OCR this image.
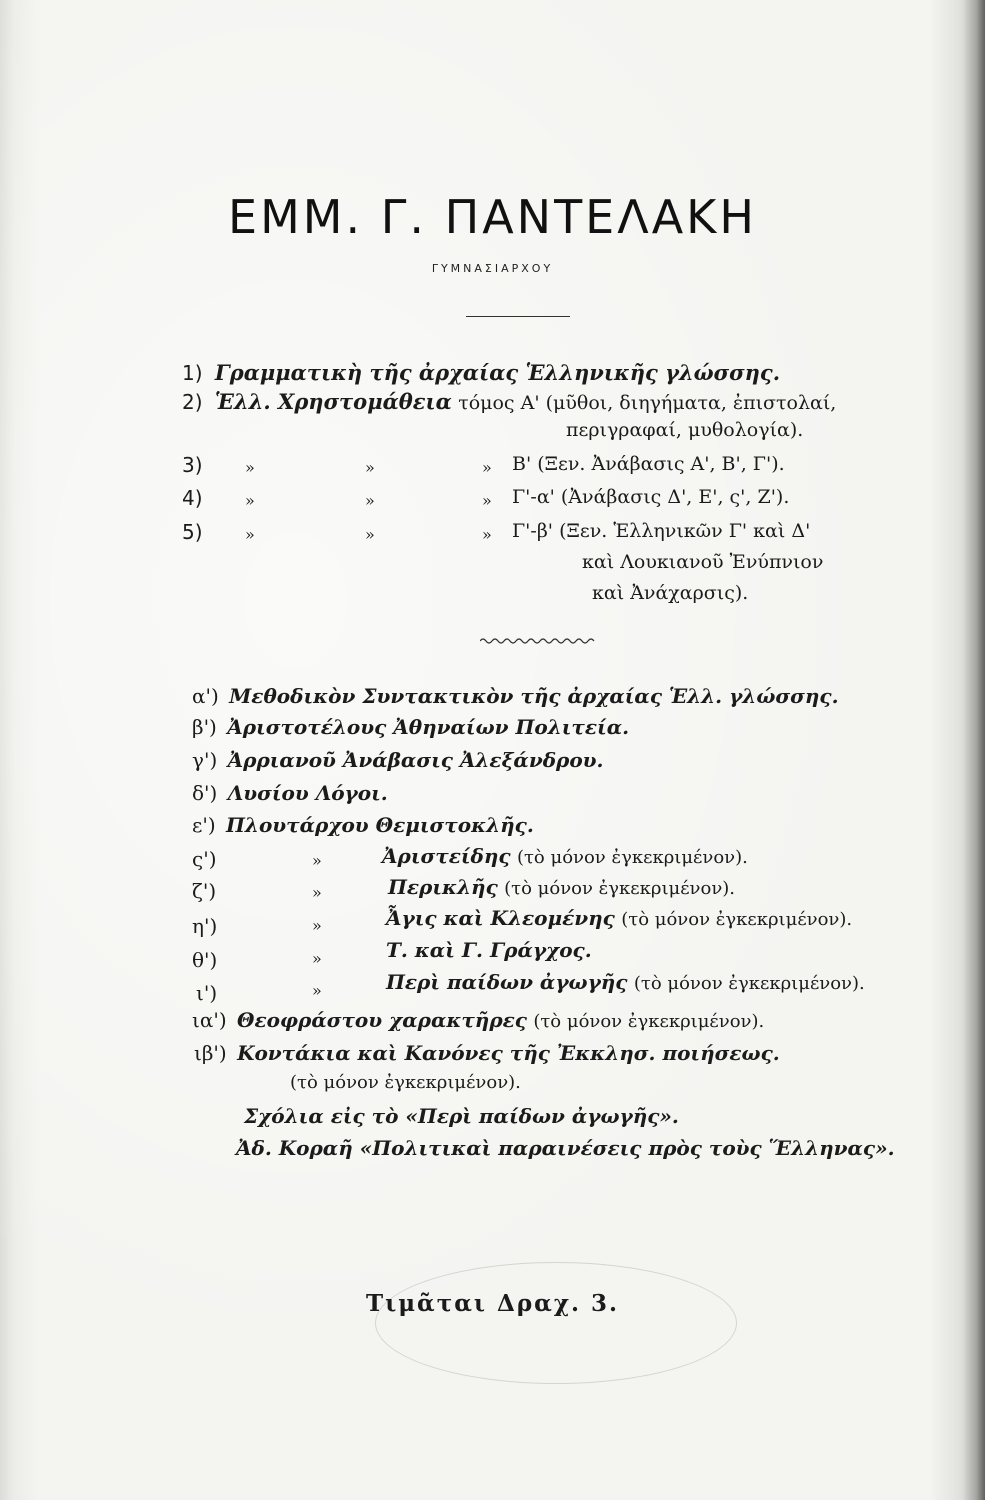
ΕΜΜ. Γ. ΠΑΝΤΕΛΑΚΗ
ΓΥΜΝΑΣΙΑΡΧΟΥ
1) Γραμματικὴ τῆς ἀρχαίας Ἑλληνικῆς γλώσσης.
2) Ἑλλ. Χρηστομάθεια τόμος Α' (μῦθοι, διηγήματα, ἐπιστολαί,
περιγραφαί, μυθολογία).
3)	»	»	» Β' (Ξεν. Ἀνάβασις Α', Β', Γ').
4)	»	»	» Γ'-α' (Ἀνάβασις Δ', Ε', ς', Ζ').
5)	»	»	» Γ'-β' (Ξεν. Ἑλληνικῶν Γ' καὶ Δ'
καὶ Λουκιανοῦ Ἐνύπνιον
καὶ Ἀνάχαρσις).
α') Μεθοδικὸν Συντακτικὸν τῆς ἀρχαίας Ἑλλ. γλώσσης.
β') Ἀριστοτέλους Ἀθηναίων Πολιτεία.
γ') Ἀρριανοῦ Ἀνάβασις Ἀλεξάνδρου.
δ') Λυσίου Λόγοι.
ε') Πλουτάρχου Θεμιστοκλῆς.
ς')	»	Ἀριστείδης (τὸ μόνον ἐγκεκριμένον).
ζ')	»	Περικλῆς (τὸ μόνον ἐγκεκριμένον).
η')	»	Ἆγις καὶ Κλεομένης (τὸ μόνον ἐγκεκριμένον).
θ')	»	Τ. καὶ Γ. Γράγχος.
ι')	»	Περὶ παίδων ἀγωγῆς (τὸ μόνον ἐγκεκριμένον).
ια') Θεοφράστου χαρακτῆρες (τὸ μόνον ἐγκεκριμένον).
ιβ') Κοντάκια καὶ Κανόνες τῆς Ἐκκλησ. ποιήσεως.
(τὸ μόνον ἐγκεκριμένον).
Σχόλια εἰς τὸ «Περὶ παίδων ἀγωγῆς».
Ἀδ. Κοραῆ «Πολιτικαὶ παραινέσεις πρὸς τοὺς Ἕλληνας».
Τιμᾶται Δραχ. 3.
